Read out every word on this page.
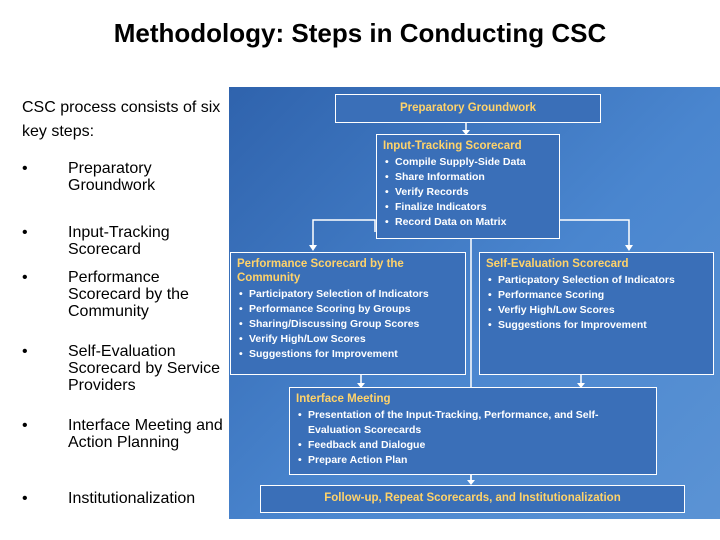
Methodology: Steps in Conducting CSC
CSC process consists of six key steps:
•	Preparatory Groundwork
•	Input-Tracking Scorecard
•	Performance Scorecard by the Community
•	Self-Evaluation Scorecard by Service Providers
•	Interface Meeting and Action Planning
•	Institutionalization
Preparatory Groundwork
Input-Tracking Scorecard
• Compile Supply-Side Data
• Share Information
• Verify Records
• Finalize Indicators
• Record Data on Matrix
Performance Scorecard by the Community
• Participatory Selection of Indicators
• Performance Scoring by Groups
• Sharing/Discussing Group Scores
• Verify High/Low Scores
• Suggestions for Improvement
Self-Evaluation Scorecard
• Particpatory Selection of Indicators
• Performance Scoring
• Verfiy High/Low Scores
• Suggestions for Improvement
Interface Meeting
• Presentation of the Input-Tracking, Performance, and Self-Evaluation Scorecards
• Feedback and Dialogue
• Prepare Action Plan
Follow-up, Repeat Scorecards, and Institutionalization
